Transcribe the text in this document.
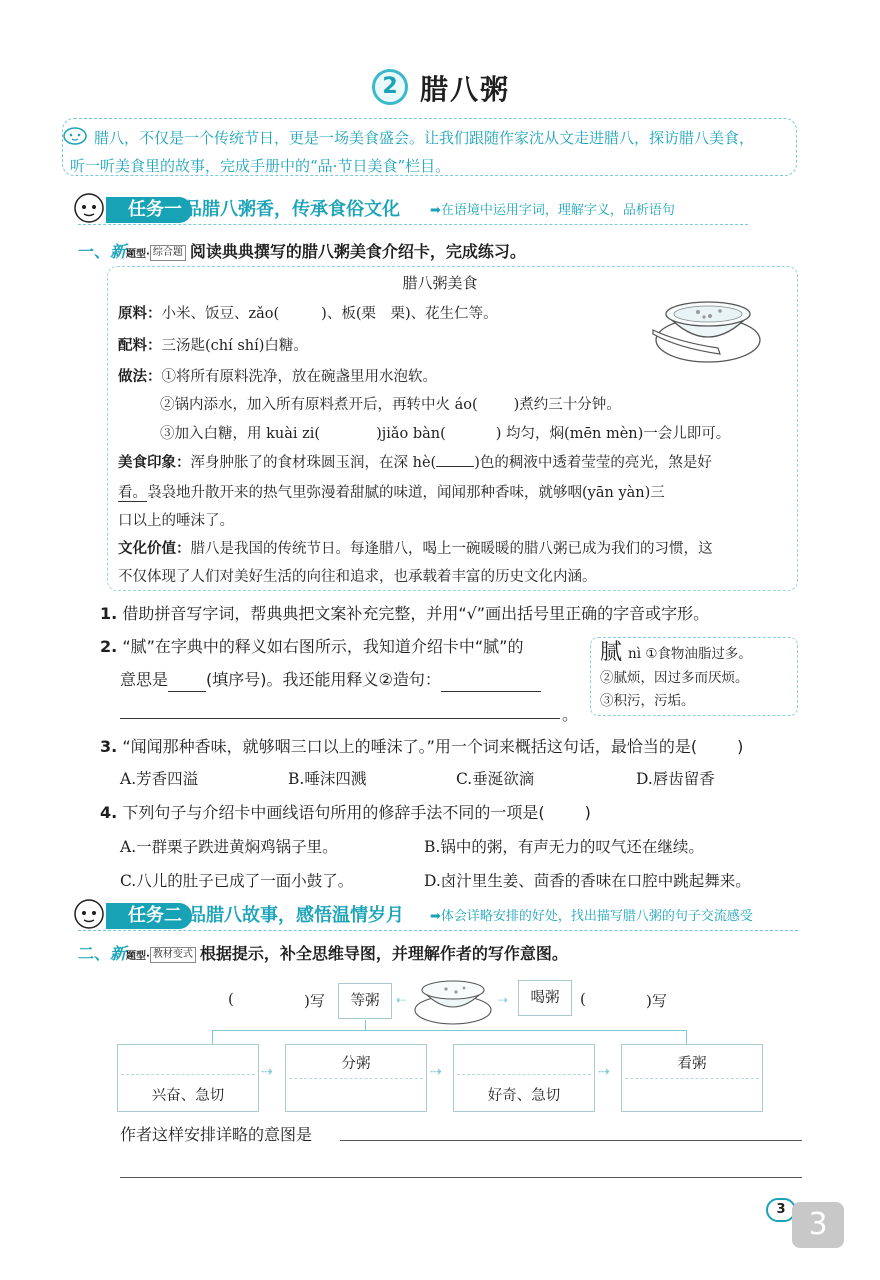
2 腊八粥
腊八，不仅是一个传统节日，更是一场美食盛会。让我们跟随作家沈从文走进腊八，探访腊八美食，
听一听美食里的故事，完成手册中的“品·节日美食”栏目。
任务一 品腊八粥香，传承食俗文化 ➡在语境中运用字词，理解字义，品析语句
一、新题型· 综合题 阅读典典撰写的腊八粥美食介绍卡，完成练习。
腊八粥美食
原料：小米、饭豆、zǎo(	)、板(栗　栗)、花生仁等。
配料：三汤匙(chí shí)白糖。
做法：①将所有原料洗净，放在碗盏里用水泡软。
②锅内添水，加入所有原料煮开后，再转中火 áo( )煮约三十分钟。
③加入白糖，用 kuài zi(	)jiǎo bàn(	) 均匀，焖(mēn mèn)一会儿即可。
美食印象：浑身肿胀了的食材珠圆玉润，在深 hè(	)色的稠液中透着莹莹的亮光，煞是好
看。袅袅地升散开来的热气里弥漫着甜腻的味道，闻闻那种香味，就够咽(yān yàn)三
口以上的唾沫了。
文化价值：腊八是我国的传统节日。每逢腊八，喝上一碗暖暖的腊八粥已成为我们的习惯，这
不仅体现了人们对美好生活的向往和追求，也承载着丰富的历史文化内涵。
1. 借助拼音写字词，帮典典把文案补充完整，并用“√”画出括号里正确的字音或字形。
2. “腻”在字典中的释义如右图所示，我知道介绍卡中“腻”的
意思是 (填序号)。我还能用释义②造句：
。
腻 nì ①食物油脂过多。
②腻烦，因过多而厌烦。
③积污，污垢。
3. “闻闻那种香味，就够咽三口以上的唾沫了。”用一个词来概括这句话，最恰当的是(	)
A.芳香四溢	B.唾沫四溅	C.垂涎欲滴	D.唇齿留香
4. 下列句子与介绍卡中画线语句所用的修辞手法不同的一项是(	)
A.一群栗子跌进黄焖鸡锅子里。	B.锅中的粥，有声无力的叹气还在继续。
C.八儿的肚子已成了一面小鼓了。	D.卤汁里生姜、茴香的香味在口腔中跳起舞来。
任务二 品腊八故事，感悟温情岁月 ➡体会详略安排的好处，找出描写腊八粥的句子交流感受
二、新题型· 教材变式 根据提示，补全思维导图，并理解作者的写作意图。
(	)写	等粥	⇠	⇢	喝粥	(	)写
兴奋、急切
⇢	分粥	⇢
好奇、急切
⇢	看粥
作者这样安排详略的意图是
3 3
